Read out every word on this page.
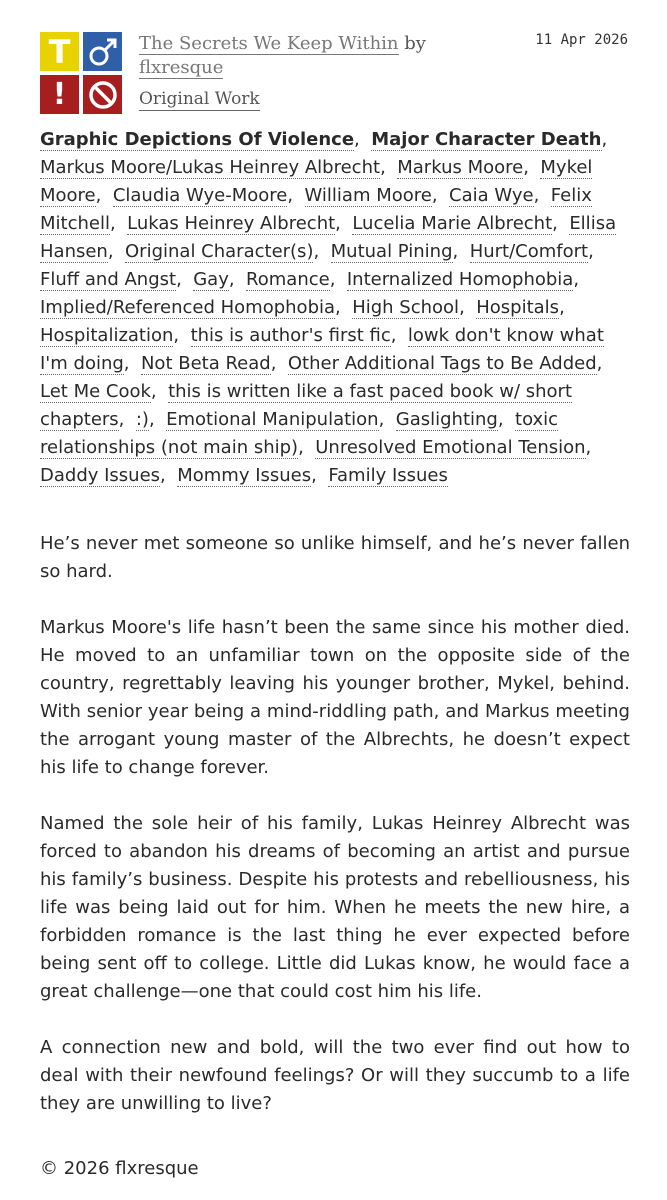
T
!
The Secrets We Keep Within by
flxresque
Original Work
11 Apr 2026
Graphic Depictions Of Violence,  Major Character Death,  Markus Moore/Lukas Heinrey Albrecht,  Markus Moore,  Mykel Moore,  Claudia Wye-Moore,  William Moore,  Caia Wye,  Felix Mitchell,  Lukas Heinrey Albrecht,  Lucelia Marie Albrecht,  Ellisa Hansen,  Original Character(s),  Mutual Pining,  Hurt/Comfort,  Fluff and Angst,  Gay,  Romance,  Internalized Homophobia,  Implied/Referenced Homophobia,  High School,  Hospitals,  Hospitalization,  this is author's first fic,  lowk don't know what I'm doing,  Not Beta Read,  Other Additional Tags to Be Added,  Let Me Cook,  this is written like a fast paced book w/ short chapters,  :),  Emotional Manipulation,  Gaslighting,  toxic relationships (not main ship),  Unresolved Emotional Tension,  Daddy Issues,  Mommy Issues,  Family Issues

He’s never met someone so unlike himself, and he’s never fallen so hard.

Markus Moore's life hasn’t been the same since his mother died. He moved to an unfamiliar town on the opposite side of the country, regrettably leaving his younger brother, Mykel, behind. With senior year being a mind-riddling path, and Markus meeting the arrogant young master of the Albrechts, he doesn’t expect his life to change forever.

Named the sole heir of his family, Lukas Heinrey Albrecht was forced to abandon his dreams of becoming an artist and pursue his family’s business. Despite his protests and rebelliousness, his life was being laid out for him. When he meets the new hire, a forbidden romance is the last thing he ever expected before being sent off to college. Little did Lukas know, he would face a great challenge—one that could cost him his life.

A connection new and bold, will the two ever find out how to deal with their newfound feelings? Or will they succumb to a life they are unwilling to live?

© 2026 flxresque
